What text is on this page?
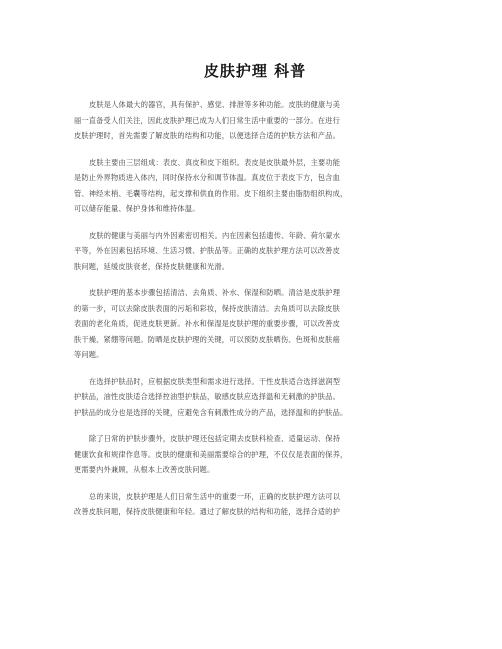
皮肤护理 科普
皮肤是人体最大的器官，具有保护、感觉、排泄等多种功能。皮肤的健康与美
丽一直备受人们关注，因此皮肤护理已成为人们日常生活中重要的一部分。在进行
皮肤护理时，首先需要了解皮肤的结构和功能，以便选择合适的护肤方法和产品。
皮肤主要由三层组成：表皮、真皮和皮下组织。表皮是皮肤最外层，主要功能
是防止外界物质进入体内，同时保持水分和调节体温。真皮位于表皮下方，包含血
管、神经末梢、毛囊等结构，起支撑和供血的作用。皮下组织主要由脂肪组织构成，
可以储存能量、保护身体和维持体温。
皮肤的健康与美丽与内外因素密切相关。内在因素包括遗传、年龄、荷尔蒙水
平等，外在因素包括环境、生活习惯、护肤品等。正确的皮肤护理方法可以改善皮
肤问题，延缓皮肤衰老，保持皮肤健康和光滑。
皮肤护理的基本步骤包括清洁、去角质、补水、保湿和防晒。清洁是皮肤护理
的第一步，可以去除皮肤表面的污垢和彩妆，保持皮肤清洁。去角质可以去除皮肤
表面的老化角质，促进皮肤更新。补水和保湿是皮肤护理的重要步骤，可以改善皮
肤干燥、紧绷等问题。防晒是皮肤护理的关键，可以预防皮肤晒伤、色斑和皮肤癌
等问题。
在选择护肤品时，应根据皮肤类型和需求进行选择。干性皮肤适合选择滋润型
护肤品，油性皮肤适合选择控油型护肤品，敏感皮肤应选择温和无刺激的护肤品。
护肤品的成分也是选择的关键，应避免含有刺激性成分的产品，选择温和的护肤品。
除了日常的护肤步骤外，皮肤护理还包括定期去皮肤科检查、适量运动、保持
健康饮食和规律作息等。皮肤的健康和美丽需要综合的护理，不仅仅是表面的保养，
更需要内外兼顾，从根本上改善皮肤问题。
总的来说，皮肤护理是人们日常生活中的重要一环，正确的皮肤护理方法可以
改善皮肤问题，保持皮肤健康和年轻。通过了解皮肤的结构和功能，选择合适的护
